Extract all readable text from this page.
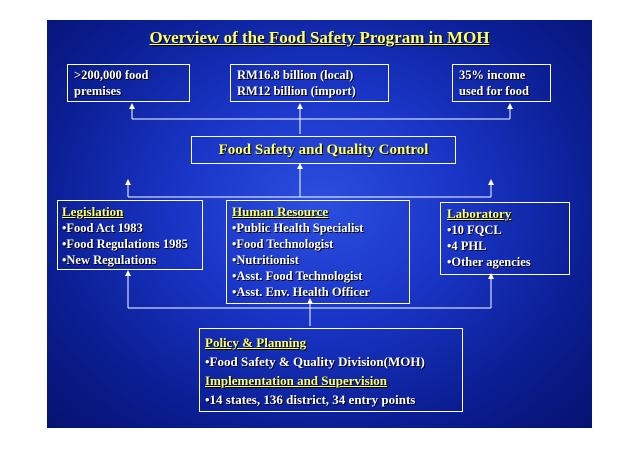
Overview of the Food Safety Program in MOH
>200,000 food
premises
RM16.8 billion (local)
RM12 billion (import)
35% income
used for food
Food Safety and Quality Control
Legislation
•Food Act 1983
•Food Regulations 1985
•New Regulations
Human Resource
•Public Health Specialist
•Food Technologist
•Nutritionist
•Asst. Food Technologist
•Asst. Env. Health Officer
Laboratory
•10 FQCL
•4 PHL
•Other agencies
Policy & Planning
•Food Safety & Quality Division(MOH)
Implementation and Supervision
•14 states, 136 district, 34 entry points
